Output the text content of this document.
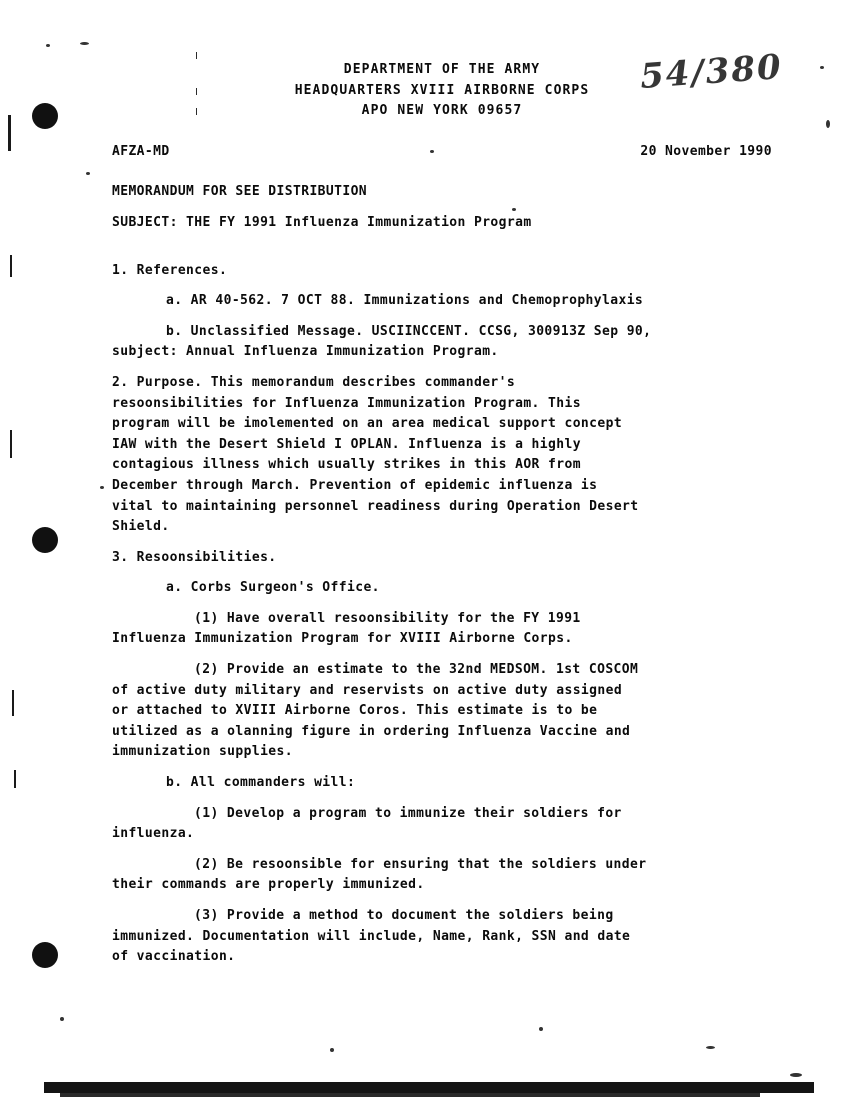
54/380

DEPARTMENT OF THE ARMY

HEADQUARTERS XVIII AIRBORNE CORPS

APO NEW YORK 09657

AFZA-MD	20 November 1990

MEMORANDUM FOR SEE DISTRIBUTION

SUBJECT: THE FY 1991 Influenza Immunization Program

1. References.

a. AR 40-562. 7 OCT 88. Immunizations and Chemoprophylaxis

b. Unclassified Message. USCIINCCENT. CCSG, 300913Z Sep 90,

subject: Annual Influenza Immunization Program.

2. Purpose. This memorandum describes commander's

resoonsibilities for Influenza Immunization Program. This

program will be imolemented on an area medical support concept

IAW with the Desert Shield I OPLAN. Influenza is a highly

contagious illness which usually strikes in this AOR from

December through March. Prevention of epidemic influenza is

vital to maintaining personnel readiness during Operation Desert

Shield.

3. Resoonsibilities.

a. Corbs Surgeon's Office.

(1) Have overall resoonsibility for the FY 1991

Influenza Immunization Program for XVIII Airborne Corps.

(2) Provide an estimate to the 32nd MEDSOM. 1st COSCOM

of active duty military and reservists on active duty assigned

or attached to XVIII Airborne Coros. This estimate is to be

utilized as a olanning figure in ordering Influenza Vaccine and

immunization supplies.

b. All commanders will:

(1) Develop a program to immunize their soldiers for

influenza.

(2) Be resoonsible for ensuring that the soldiers under

their commands are properly immunized.

(3) Provide a method to document the soldiers being

immunized. Documentation will include, Name, Rank, SSN and date

of vaccination.
